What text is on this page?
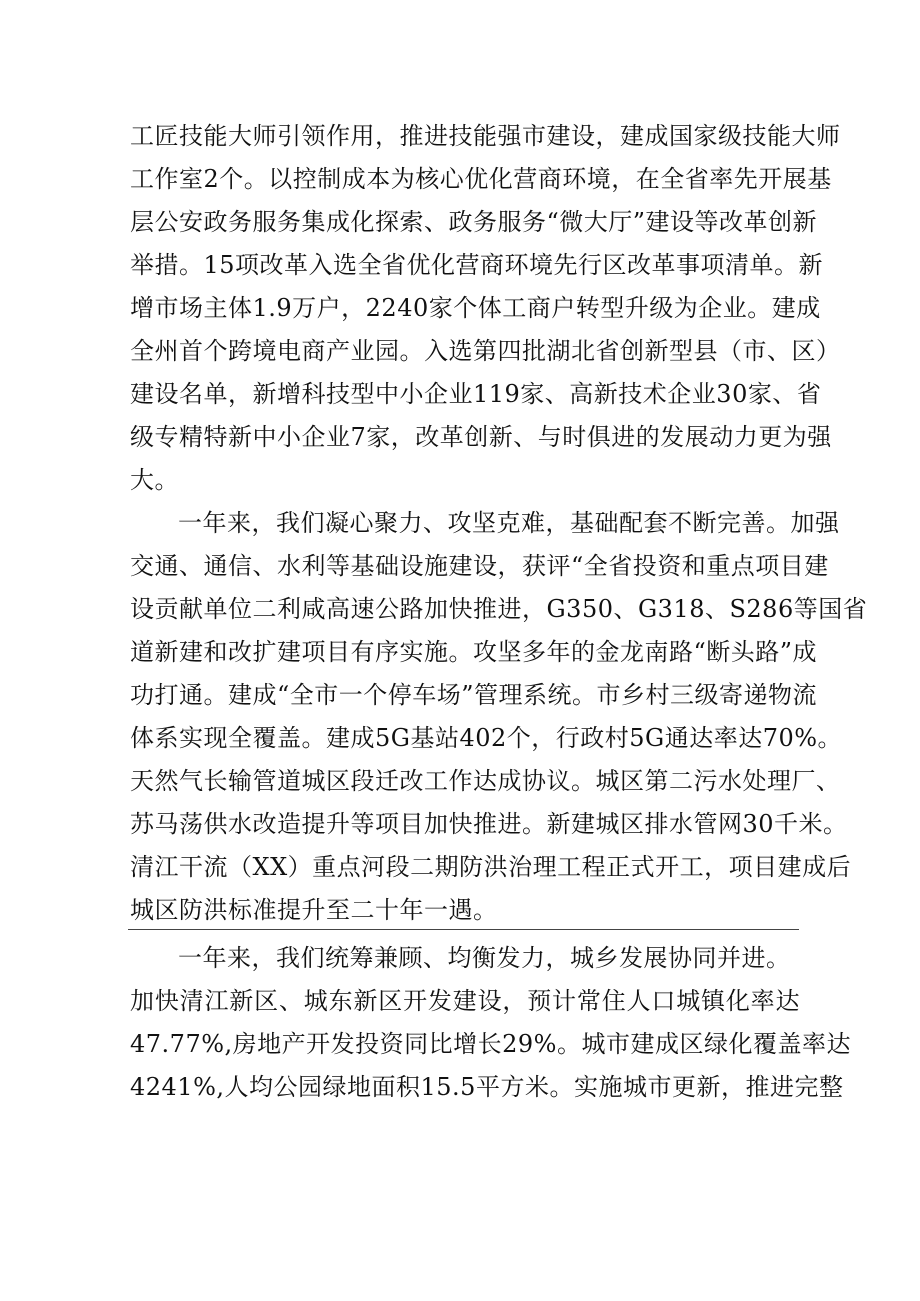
工匠技能大师引领作用，推进技能强市建设，建成国家级技能大师
工作室2个。以控制成本为核心优化营商环境，在全省率先开展基
层公安政务服务集成化探索、政务服务“微大厅”建设等改革创新
举措。15项改革入选全省优化营商环境先行区改革事项清单。新
增市场主体1.9万户，2240家个体工商户转型升级为企业。建成
全州首个跨境电商产业园。入选第四批湖北省创新型县（市、区）
建设名单，新增科技型中小企业119家、高新技术企业30家、省
级专精特新中小企业7家，改革创新、与时俱进的发展动力更为强
大。
一年来，我们凝心聚力、攻坚克难，基础配套不断完善。加强
交通、通信、水利等基础设施建设，获评“全省投资和重点项目建
设贡献单位二利咸高速公路加快推进，G350、G318、S286等国省
道新建和改扩建项目有序实施。攻坚多年的金龙南路“断头路”成
功打通。建成“全市一个停车场”管理系统。市乡村三级寄递物流
体系实现全覆盖。建成5G基站402个，行政村5G通达率达70%。
天然气长输管道城区段迁改工作达成协议。城区第二污水处理厂、
苏马荡供水改造提升等项目加快推进。新建城区排水管网30千米。
清江干流（XX）重点河段二期防洪治理工程正式开工，项目建成后
城区防洪标准提升至二十年一遇。
一年来，我们统筹兼顾、均衡发力，城乡发展协同并进。
加快清江新区、城东新区开发建设，预计常住人口城镇化率达
47.77%,房地产开发投资同比增长29%。城市建成区绿化覆盖率达
4241%,人均公园绿地面积15.5平方米。实施城市更新，推进完整
